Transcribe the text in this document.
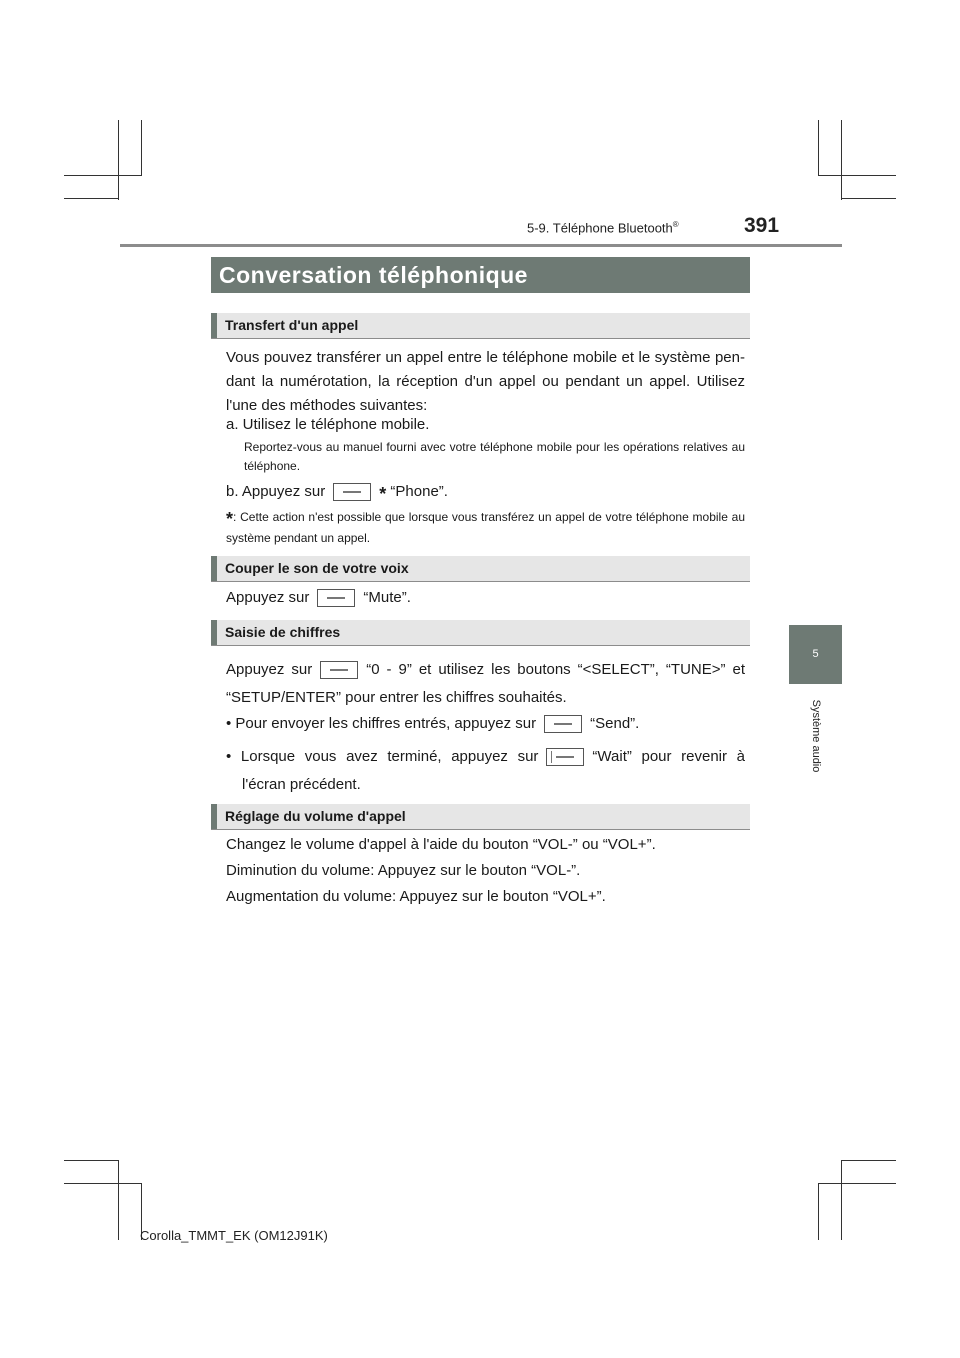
5-9. Téléphone Bluetooth®	391
Conversation téléphonique
Transfert d'un appel
Vous pouvez transférer un appel entre le téléphone mobile et le système pen-
dant la numérotation, la réception d'un appel ou pendant un appel. Utilisez
l'une des méthodes suivantes:
a. Utilisez le téléphone mobile.
Reportez-vous au manuel fourni avec votre téléphone mobile pour les opérations relatives au téléphone.
b. Appuyez sur	* “Phone”.
*: Cette action n'est possible que lorsque vous transférez un appel de votre téléphone mobile au système pendant un appel.
Couper le son de votre voix
Appuyez sur	“Mute”.
Saisie de chiffres
Appuyez sur	“0 - 9” et utilisez les boutons “<SELECT”, “TUNE>” et
“SETUP/ENTER” pour entrer les chiffres souhaités.
• Pour envoyer les chiffres entrés, appuyez sur	“Send”.
• Lorsque vous avez terminé, appuyez sur	“Wait” pour revenir à
l'écran précédent.
Réglage du volume d'appel
Changez le volume d'appel à l'aide du bouton “VOL-” ou “VOL+”.
Diminution du volume: Appuyez sur le bouton “VOL-”.
Augmentation du volume: Appuyez sur le bouton “VOL+”.
5
Système audio
Corolla_TMMT_EK (OM12J91K)
